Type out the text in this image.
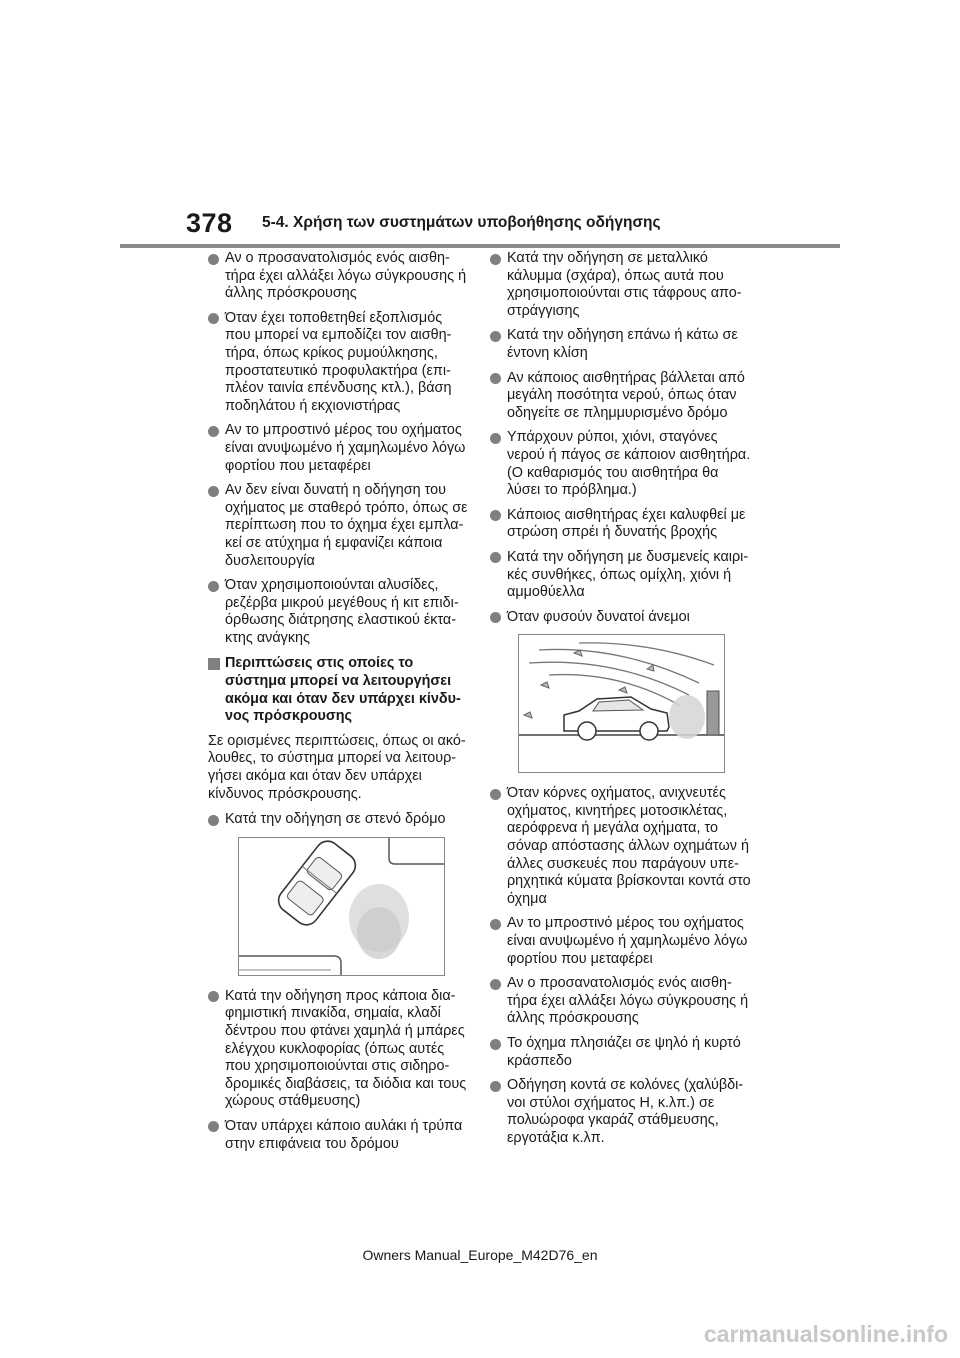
378 5-4. Χρήση των συστημάτων υποβοήθησης οδήγησης
Αν ο προσανατολισμός ενός αισθη-τήρα έχει αλλάξει λόγω σύγκρουσης ή άλλης πρόσκρουσης
Όταν έχει τοποθετηθεί εξοπλισμός που μπορεί να εμποδίζει τον αισθη-τήρα, όπως κρίκος ρυμούλκησης, προστατευτικό προφυλακτήρα (επι-πλέον ταινία επένδυσης κτλ.), βάση ποδηλάτου ή εκχιονιστήρας
Αν το μπροστινό μέρος του οχήματος είναι ανυψωμένο ή χαμηλωμένο λόγω φορτίου που μεταφέρει
Αν δεν είναι δυνατή η οδήγηση του οχήματος με σταθερό τρόπο, όπως σε περίπτωση που το όχημα έχει εμπλα-κεί σε ατύχημα ή εμφανίζει κάποια δυσλειτουργία
Όταν χρησιμοποιούνται αλυσίδες, ρεζέρβα μικρού μεγέθους ή κιτ επιδι-όρθωσης διάτρησης ελαστικού έκτα-κτης ανάγκης
Περιπτώσεις στις οποίες το σύστημα μπορεί να λειτουργήσει ακόμα και όταν δεν υπάρχει κίνδυ-νος πρόσκρουσης
Σε ορισμένες περιπτώσεις, όπως οι ακό-λουθες, το σύστημα μπορεί να λειτουρ-γήσει ακόμα και όταν δεν υπάρχει κίνδυνος πρόσκρουσης.
Κατά την οδήγηση σε στενό δρόμο
Κατά την οδήγηση προς κάποια δια-φημιστική πινακίδα, σημαία, κλαδί δέντρου που φτάνει χαμηλά ή μπάρες ελέγχου κυκλοφορίας (όπως αυτές που χρησιμοποιούνται στις σιδηρο-δρομικές διαβάσεις, τα διόδια και τους χώρους στάθμευσης)
Όταν υπάρχει κάποιο αυλάκι ή τρύπα στην επιφάνεια του δρόμου
Κατά την οδήγηση σε μεταλλικό κάλυμμα (σχάρα), όπως αυτά που χρησιμοποιούνται στις τάφρους απο-στράγγισης
Κατά την οδήγηση επάνω ή κάτω σε έντονη κλίση
Αν κάποιος αισθητήρας βάλλεται από μεγάλη ποσότητα νερού, όπως όταν οδηγείτε σε πλημμυρισμένο δρόμο
Υπάρχουν ρύποι, χιόνι, σταγόνες νερού ή πάγος σε κάποιον αισθητήρα. (Ο καθαρισμός του αισθητήρα θα λύσει το πρόβλημα.)
Κάποιος αισθητήρας έχει καλυφθεί με στρώση σπρέι ή δυνατής βροχής
Κατά την οδήγηση με δυσμενείς καιρι-κές συνθήκες, όπως ομίχλη, χιόνι ή αμμοθύελλα
Όταν φυσούν δυνατοί άνεμοι
Όταν κόρνες οχήματος, ανιχνευτές οχήματος, κινητήρες μοτοσικλέτας, αερόφρενα ή μεγάλα οχήματα, το σόναρ απόστασης άλλων οχημάτων ή άλλες συσκευές που παράγουν υπε-ρηχητικά κύματα βρίσκονται κοντά στο όχημα
Αν το μπροστινό μέρος του οχήματος είναι ανυψωμένο ή χαμηλωμένο λόγω φορτίου που μεταφέρει
Αν ο προσανατολισμός ενός αισθη-τήρα έχει αλλάξει λόγω σύγκρουσης ή άλλης πρόσκρουσης
Το όχημα πλησιάζει σε ψηλό ή κυρτό κράσπεδο
Οδήγηση κοντά σε κολόνες (χαλύβδι-νοι στύλοι σχήματος H, κ.λπ.) σε πολυώροφα γκαράζ στάθμευσης, εργοτάξια κ.λπ.
Owners Manual_Europe_M42D76_en
carmanualsonline.info
